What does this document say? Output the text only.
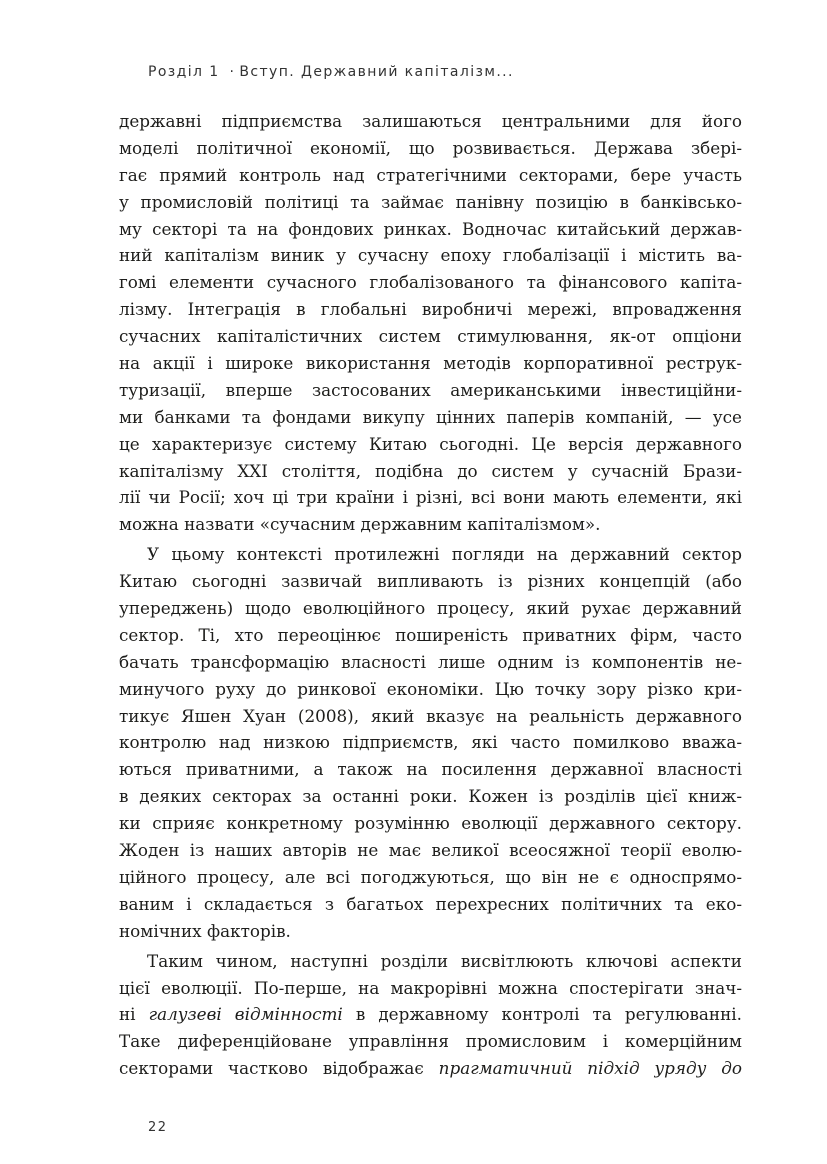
Розділ 1 · Вступ. Державний капіталізм...
державні підприємства залишаються центральними для його
моделі політичної економії, що розвивається. Держава збері-
гає прямий контроль над стратегічними секторами, бере участь
у промисловій політиці та займає панівну позицію в банківсько-
му секторі та на фондових ринках. Водночас китайський держав-
ний капіталізм виник у сучасну епоху глобалізації і містить ва-
гомі елементи сучасного глобалізованого та фінансового капіта-
лізму. Інтеграція в глобальні виробничі мережі, впровадження
сучасних капіталістичних систем стимулювання, як-от опціони
на акції і широке використання методів корпоративної реструк-
туризації, вперше застосованих американськими інвестиційни-
ми банками та фондами викупу цінних паперів компаній, — усе
це характеризує систему Китаю сьогодні. Це версія державного
капіталізму XXI століття, подібна до систем у сучасній Брази-
лії чи Росії; хоч ці три країни і різні, всі вони мають елементи, які
можна назвати «сучасним державним капіталізмом».
У цьому контексті протилежні погляди на державний сектор
Китаю сьогодні зазвичай випливають із різних концепцій (або
упереджень) щодо еволюційного процесу, який рухає державний
сектор. Ті, хто переоцінює поширеність приватних фірм, часто
бачать трансформацію власності лише одним із компонентів не-
минучого руху до ринкової економіки. Цю точку зору різко кри-
тикує Яшен Хуан (2008), який вказує на реальність державного
контролю над низкою підприємств, які часто помилково вважа-
ються приватними, а також на посилення державної власності
в деяких секторах за останні роки. Кожен із розділів цієї книж-
ки сприяє конкретному розумінню еволюції державного сектору.
Жоден із наших авторів не має великої всеосяжної теорії еволю-
ційного процесу, але всі погоджуються, що він не є односпрямо-
ваним і складається з багатьох перехресних політичних та еко-
номічних факторів.
Таким чином, наступні розділи висвітлюють ключові аспекти
цієї еволюції. По-перше, на макрорівні можна спостерігати знач-
ні галузеві відмінності в державному контролі та регулюванні.
Таке диференційоване управління промисловим і комерційним
секторами частково відображає прагматичний підхід уряду до
22
